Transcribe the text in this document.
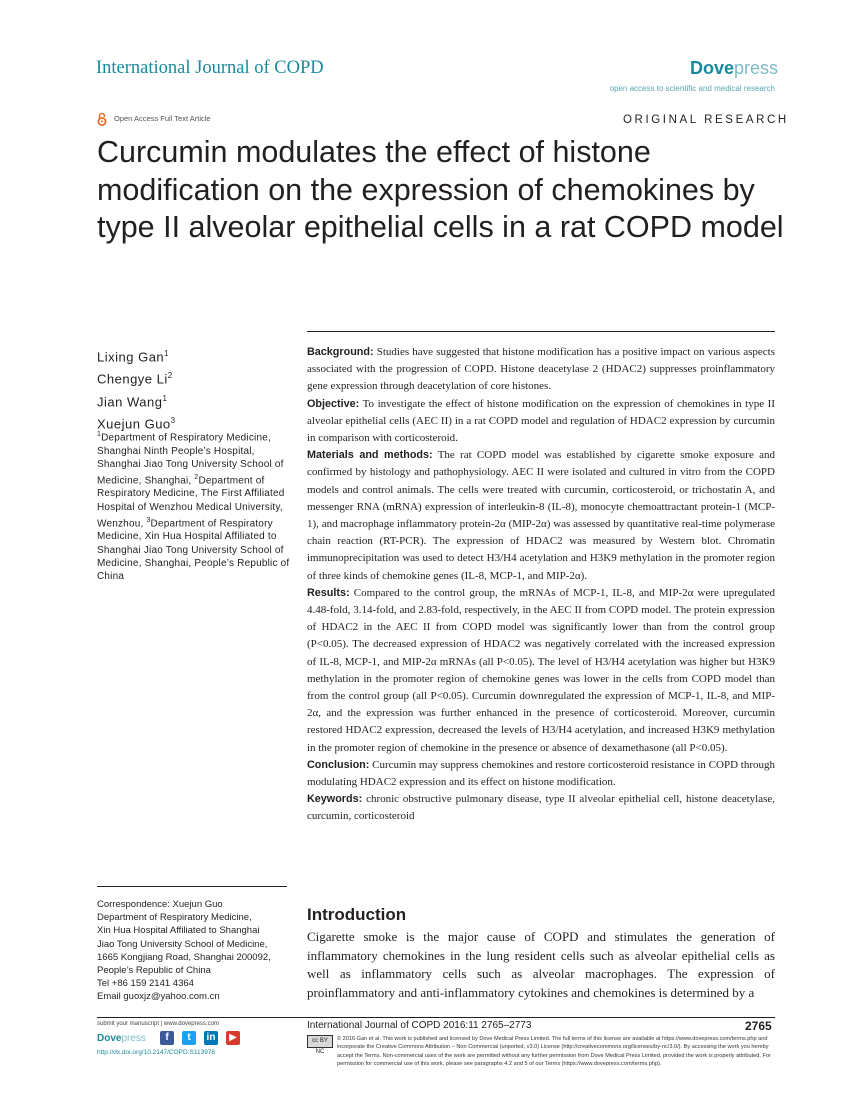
International Journal of COPD	Dovepress
open access to scientific and medical research
Open Access Full Text Article	ORIGINAL RESEARCH
Curcumin modulates the effect of histone modification on the expression of chemokines by type II alveolar epithelial cells in a rat COPD model
Lixing Gan$^1$
Chengye Li$^2$
Jian Wang$^1$
Xuejun Guo$^3$
$^1$Department of Respiratory Medicine, Shanghai Ninth People’s Hospital, Shanghai Jiao Tong University School of Medicine, Shanghai, $^2$Department of Respiratory Medicine, The First Affiliated Hospital of Wenzhou Medical University, Wenzhou, $^3$Department of Respiratory Medicine, Xin Hua Hospital Affiliated to Shanghai Jiao Tong University School of Medicine, Shanghai, People’s Republic of China

Background: Studies have suggested that histone modification has a positive impact on various aspects associated with the progression of COPD. Histone deacetylase 2 (HDAC2) suppresses proinflammatory gene expression through deacetylation of core histones.

Objective: To investigate the effect of histone modification on the expression of chemokines in type II alveolar epithelial cells (AEC II) in a rat COPD model and regulation of HDAC2 expression by curcumin in comparison with corticosteroid.

Materials and methods: The rat COPD model was established by cigarette smoke exposure and confirmed by histology and pathophysiology. AEC II were isolated and cultured in vitro from the COPD models and control animals. The cells were treated with curcumin, corticosteroid, or trichostatin A, and messenger RNA (mRNA) expression of interleukin-8 (IL-8), monocyte chemoattractant protein-1 (MCP-1), and macrophage inflammatory protein-2α (MIP-2α) was assessed by quantitative real-time polymerase chain reaction (RT-PCR). The expression of HDAC2 was measured by Western blot. Chromatin immunoprecipitation was used to detect H3/H4 acetylation and H3K9 methylation in the promoter region of three kinds of chemokine genes (IL-8, MCP-1, and MIP-2α).

Results: Compared to the control group, the mRNAs of MCP-1, IL-8, and MIP-2α were upregulated 4.48-fold, 3.14-fold, and 2.83-fold, respectively, in the AEC II from COPD model. The protein expression of HDAC2 in the AEC II from COPD model was significantly lower than from the control group (P<0.05). The decreased expression of HDAC2 was negatively correlated with the increased expression of IL-8, MCP-1, and MIP-2α mRNAs (all P<0.05). The level of H3/H4 acetylation was higher but H3K9 methylation in the promoter region of chemokine genes was lower in the cells from COPD model than from the control group (all P<0.05). Curcumin downregulated the expression of MCP-1, IL-8, and MIP-2α, and the expression was further enhanced in the presence of corticosteroid. Moreover, curcumin restored HDAC2 expression, decreased the levels of H3/H4 acetylation, and increased H3K9 methylation in the promoter region of chemokine in the presence or absence of dexamethasone (all P<0.05).

Conclusion: Curcumin may suppress chemokines and restore corticosteroid resistance in COPD through modulating HDAC2 expression and its effect on histone modification.

Keywords: chronic obstructive pulmonary disease, type II alveolar epithelial cell, histone deacetylase, curcumin, corticosteroid

Correspondence: Xuejun Guo
Department of Respiratory Medicine,
Xin Hua Hospital Affiliated to Shanghai
Jiao Tong University School of Medicine,
1665 Kongjiang Road, Shanghai 200092,
People’s Republic of China
Tel +86 159 2141 4364
Email guoxjz@yahoo.com.cn
Introduction
Cigarette smoke is the major cause of COPD and stimulates the generation of inflammatory chemokines in the lung resident cells such as alveolar epithelial cells as well as inflammatory cells such as alveolar macrophages. The expression of proinflammatory and anti-inflammatory cytokines and chemokines is determined by a
submit your manuscript | www.dovepress.com
Dovepress	f	t	in	▶
http://dx.doi.org/10.2147/COPD.S113978
International Journal of COPD 2016:11 2765–2773	2765
cc BY NC
© 2016 Gan et al. This work is published and licensed by Dove Medical Press Limited. The full terms of this license are available at https://www.dovepress.com/terms.php and incorporate the Creative Commons Attribution – Non Commercial (unported, v3.0) License (http://creativecommons.org/licenses/by-nc/3.0/). By accessing the work you hereby accept the Terms. Non-commercial uses of the work are permitted without any further permission from Dove Medical Press Limited, provided the work is properly attributed. For permission for commercial use of this work, please see paragraphs 4.2 and 5 of our Terms (https://www.dovepress.com/terms.php).
